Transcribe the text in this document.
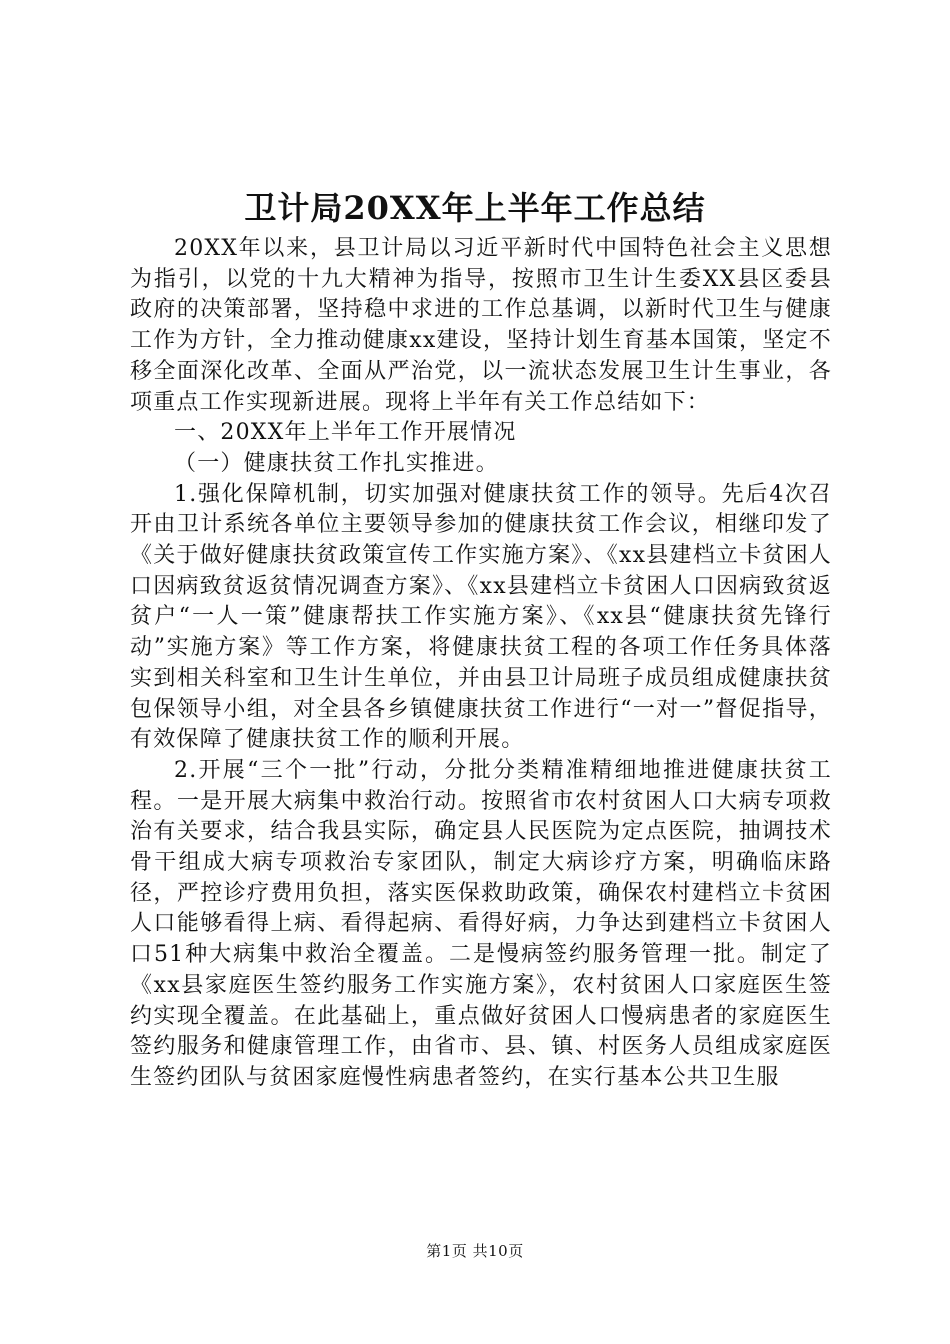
卫计局20XX年上半年工作总结

20XX年以来，县卫计局以习近平新时代中国特色社会主义思想为指引，以党的十九大精神为指导，按照市卫生计生委XX县区委县政府的决策部署，坚持稳中求进的工作总基调，以新时代卫生与健康工作为方针，全力推动健康xx建设，坚持计划生育基本国策，坚定不移全面深化改革、全面从严治党，以一流状态发展卫生计生事业，各项重点工作实现新进展。现将上半年有关工作总结如下：

一、20XX年上半年工作开展情况

（一）健康扶贫工作扎实推进。

1.强化保障机制，切实加强对健康扶贫工作的领导。先后4次召开由卫计系统各单位主要领导参加的健康扶贫工作会议，相继印发了《关于做好健康扶贫政策宣传工作实施方案》、《xx县建档立卡贫困人口因病致贫返贫情况调查方案》、《xx县建档立卡贫困人口因病致贫返贫户“一人一策”健康帮扶工作实施方案》、《xx县“健康扶贫先锋行动”实施方案》等工作方案，将健康扶贫工程的各项工作任务具体落实到相关科室和卫生计生单位，并由县卫计局班子成员组成健康扶贫包保领导小组，对全县各乡镇健康扶贫工作进行“一对一”督促指导，有效保障了健康扶贫工作的顺利开展。

2.开展“三个一批”行动，分批分类精准精细地推进健康扶贫工程。一是开展大病集中救治行动。按照省市农村贫困人口大病专项救治有关要求，结合我县实际，确定县人民医院为定点医院，抽调技术骨干组成大病专项救治专家团队，制定大病诊疗方案，明确临床路径，严控诊疗费用负担，落实医保救助政策，确保农村建档立卡贫困人口能够看得上病、看得起病、看得好病，力争达到建档立卡贫困人口51种大病集中救治全覆盖。二是慢病签约服务管理一批。制定了《xx县家庭医生签约服务工作实施方案》，农村贫困人口家庭医生签约实现全覆盖。在此基础上，重点做好贫困人口慢病患者的家庭医生签约服务和健康管理工作，由省市、县、镇、村医务人员组成家庭医生签约团队与贫困家庭慢性病患者签约，在实行基本公共卫生服

第1页 共10页
